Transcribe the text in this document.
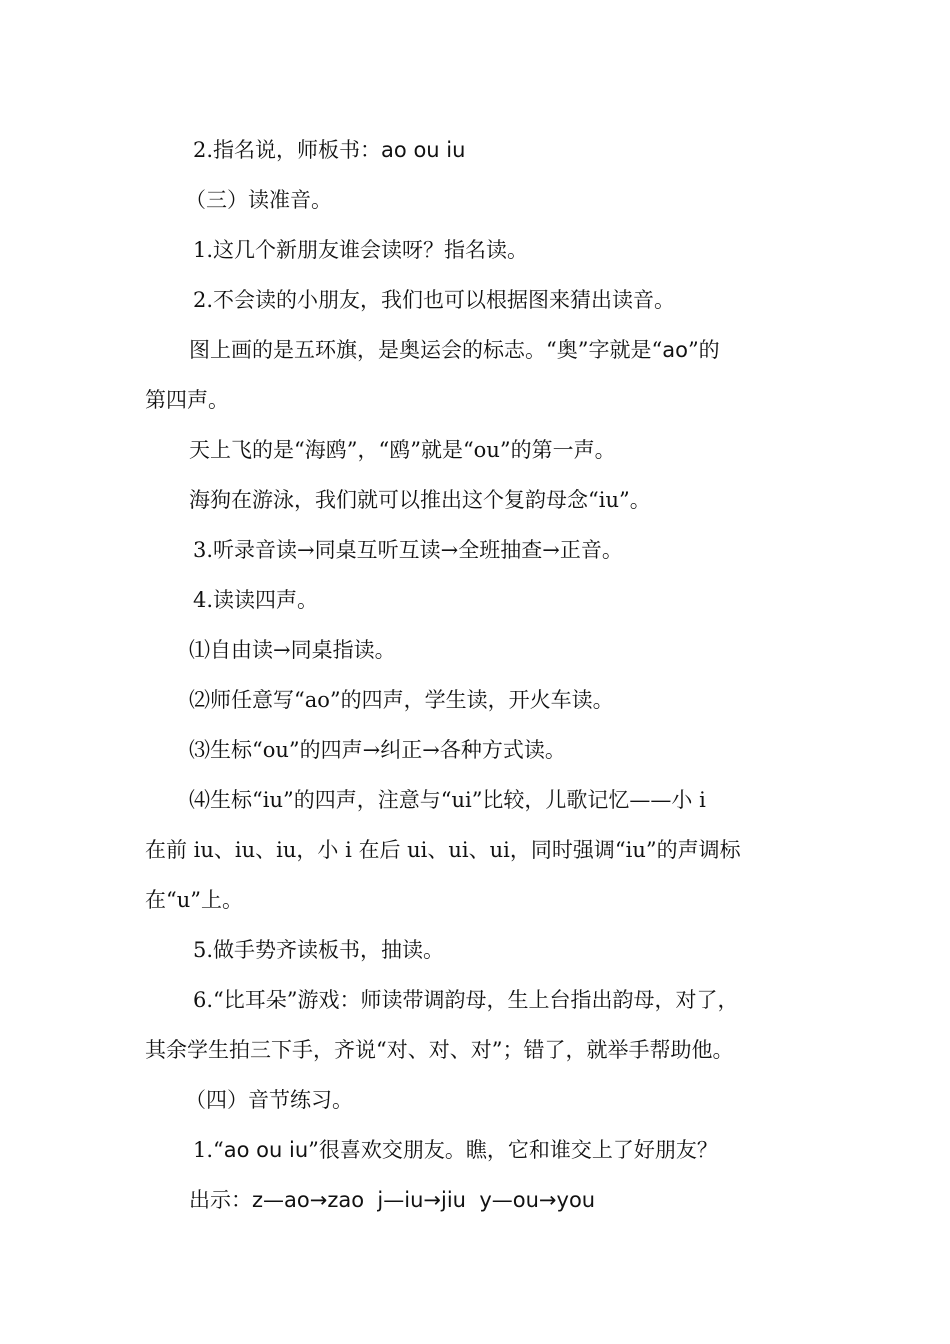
2.指名说，师板书：ao ou iu
（三）读准音。
1.这几个新朋友谁会读呀？指名读。
2.不会读的小朋友，我们也可以根据图来猜出读音。
图上画的是五环旗，是奥运会的标志。“奥”字就是“ao”的
第四声。
天上飞的是“海鸥”，“鸥”就是“ou”的第一声。
海狗在游泳，我们就可以推出这个复韵母念“iu”。
3.听录音读→同桌互听互读→全班抽查→正音。
4.读读四声。
⑴自由读→同桌指读。
⑵师任意写“ao”的四声，学生读，开火车读。
⑶生标“ou”的四声→纠正→各种方式读。
⑷生标“iu”的四声，注意与“ui”比较，儿歌记忆——小 i
在前 iu、iu、iu，小 i 在后 ui、ui、ui，同时强调“iu”的声调标
在“u”上。
5.做手势齐读板书，抽读。
6.“比耳朵”游戏：师读带调韵母，生上台指出韵母，对了，
其余学生拍三下手，齐说“对、对、对”；错了，就举手帮助他。
（四）音节练习。
1.“ao ou iu”很喜欢交朋友。瞧，它和谁交上了好朋友？
出示：z—ao→zao  j—iu→jiu  y—ou→you
